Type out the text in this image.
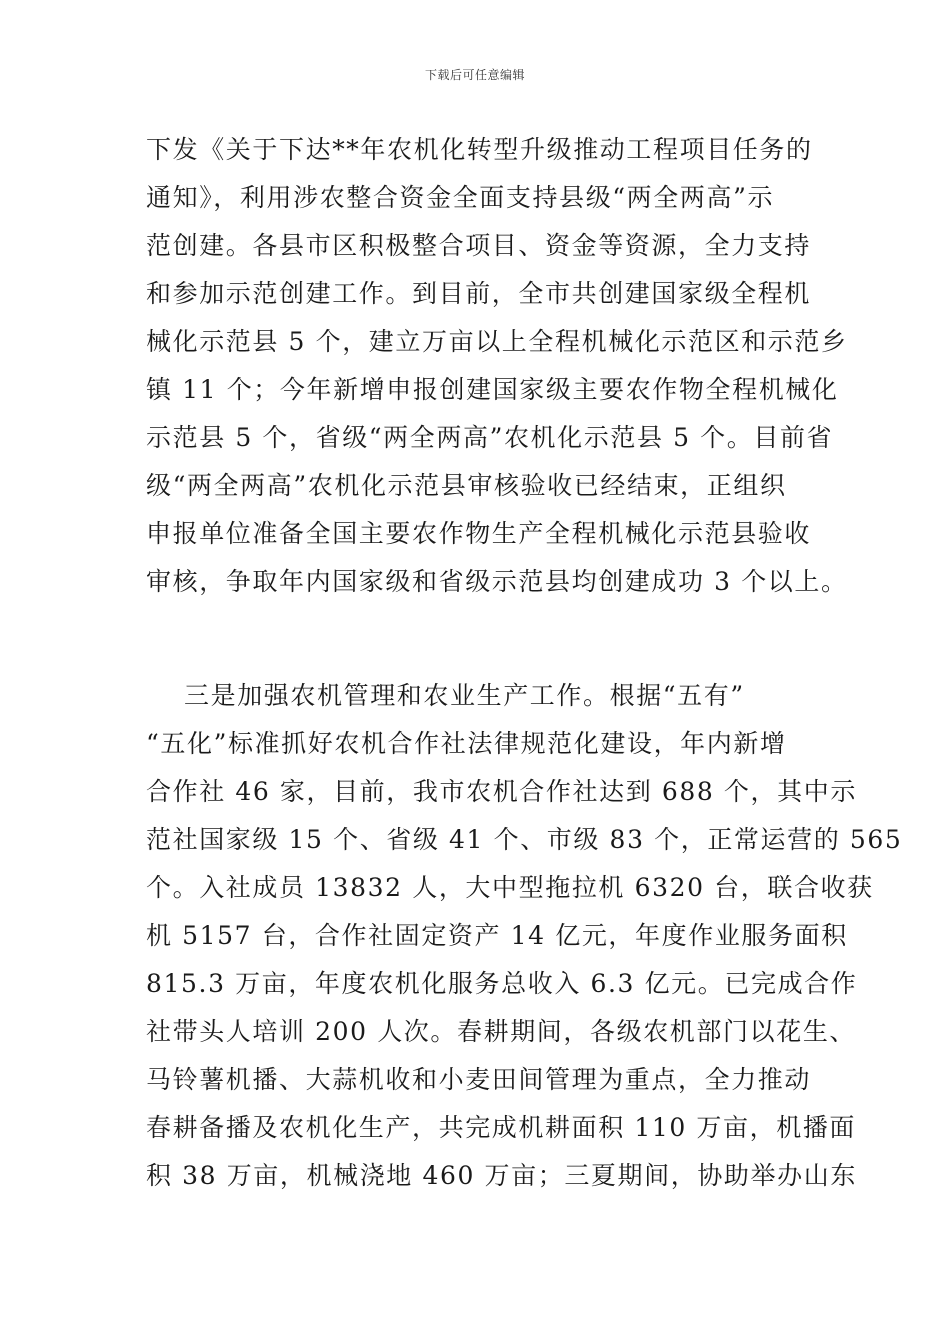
下载后可任意编辑
下发《关于下达**年农机化转型升级推动工程项目任务的
通知》，利用涉农整合资金全面支持县级“两全两高”示
范创建。各县市区积极整合项目、资金等资源，全力支持
和参加示范创建工作。到目前，全市共创建国家级全程机
械化示范县 5 个，建立万亩以上全程机械化示范区和示范乡
镇 11 个；今年新增申报创建国家级主要农作物全程机械化
示范县 5 个，省级“两全两高”农机化示范县 5 个。目前省
级“两全两高”农机化示范县审核验收已经结束，正组织
申报单位准备全国主要农作物生产全程机械化示范县验收
审核，争取年内国家级和省级示范县均创建成功 3 个以上。
三是加强农机管理和农业生产工作。根据“五有”
“五化”标准抓好农机合作社法律规范化建设，年内新增
合作社 46 家，目前，我市农机合作社达到 688 个，其中示
范社国家级 15 个、省级 41 个、市级 83 个，正常运营的 565
个。入社成员 13832 人，大中型拖拉机 6320 台，联合收获
机 5157 台，合作社固定资产 14 亿元，年度作业服务面积
815.3 万亩，年度农机化服务总收入 6.3 亿元。已完成合作
社带头人培训 200 人次。春耕期间，各级农机部门以花生、
马铃薯机播、大蒜机收和小麦田间管理为重点，全力推动
春耕备播及农机化生产，共完成机耕面积 110 万亩，机播面
积 38 万亩，机械浇地 460 万亩；三夏期间，协助举办山东
